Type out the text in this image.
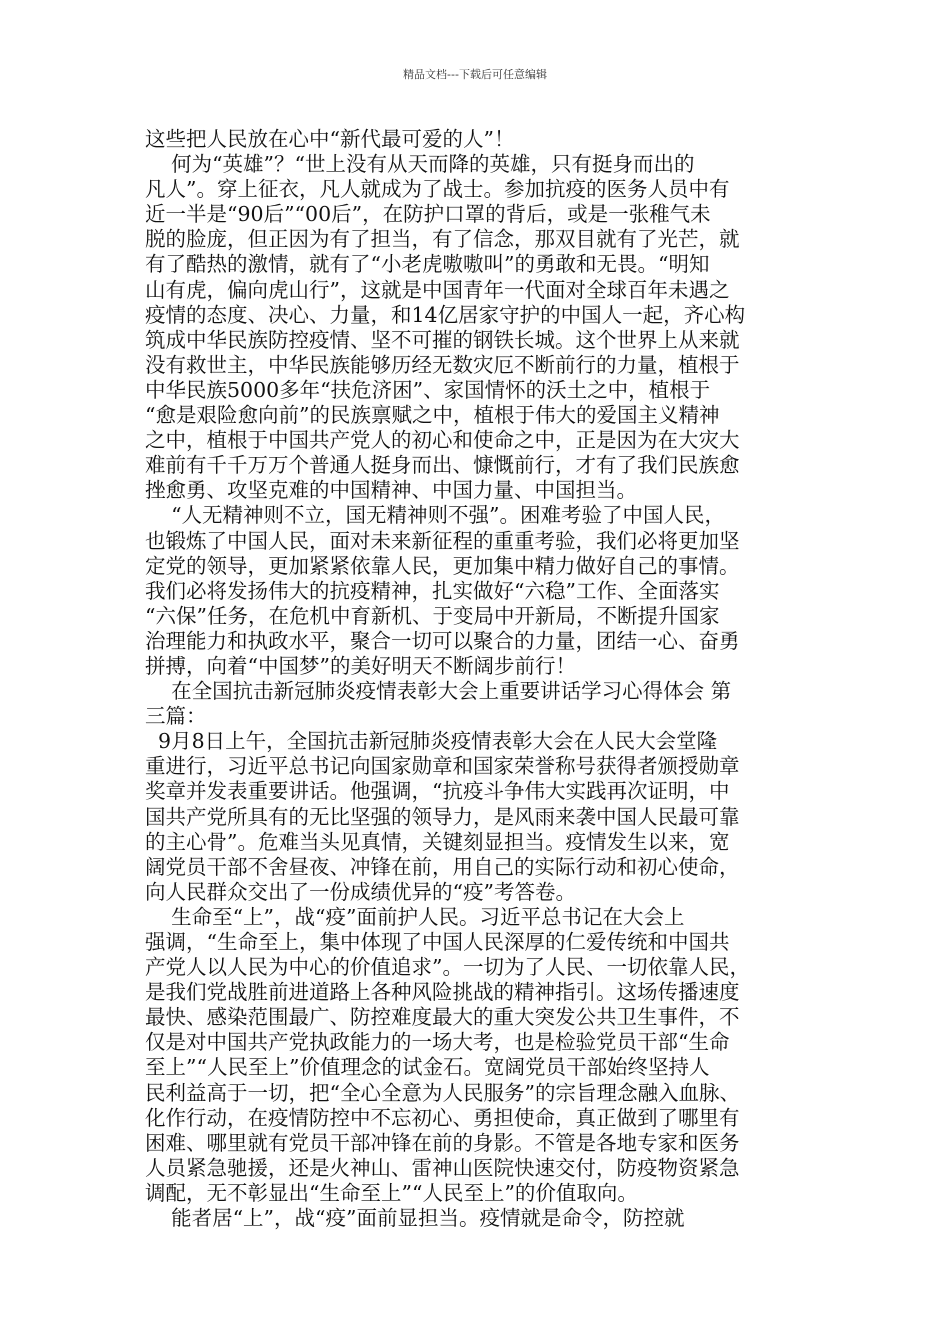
精品文档---下载后可任意编辑
这些把人民放在心中“新代最可爱的人”！
何为“英雄”？“世上没有从天而降的英雄，只有挺身而出的
凡人”。穿上征衣，凡人就成为了战士。参加抗疫的医务人员中有
近一半是“90后”“00后”，在防护口罩的背后，或是一张稚气未
脱的脸庞，但正因为有了担当，有了信念，那双目就有了光芒，就
有了酷热的激情，就有了“小老虎嗷嗷叫”的勇敢和无畏。“明知
山有虎，偏向虎山行”，这就是中国青年一代面对全球百年未遇之
疫情的态度、决心、力量，和14亿居家守护的中国人一起，齐心构
筑成中华民族防控疫情、坚不可摧的钢铁长城。这个世界上从来就
没有救世主，中华民族能够历经无数灾厄不断前行的力量，植根于
中华民族5000多年“扶危济困”、家国情怀的沃土之中，植根于
“愈是艰险愈向前”的民族禀赋之中，植根于伟大的爱国主义精神
之中，植根于中国共产党人的初心和使命之中，正是因为在大灾大
难前有千千万万个普通人挺身而出、慷慨前行，才有了我们民族愈
挫愈勇、攻坚克难的中国精神、中国力量、中国担当。
“人无精神则不立，国无精神则不强”。困难考验了中国人民，
也锻炼了中国人民，面对未来新征程的重重考验，我们必将更加坚
定党的领导，更加紧紧依靠人民，更加集中精力做好自己的事情。
我们必将发扬伟大的抗疫精神，扎实做好“六稳”工作、全面落实
“六保”任务，在危机中育新机、于变局中开新局，不断提升国家
治理能力和执政水平，聚合一切可以聚合的力量，团结一心、奋勇
拼搏，向着“中国梦”的美好明天不断阔步前行！
在全国抗击新冠肺炎疫情表彰大会上重要讲话学习心得体会 第
三篇：
9月8日上午，全国抗击新冠肺炎疫情表彰大会在人民大会堂隆
重进行，习近平总书记向国家勋章和国家荣誉称号获得者颁授勋章
奖章并发表重要讲话。他强调，“抗疫斗争伟大实践再次证明，中
国共产党所具有的无比坚强的领导力，是风雨来袭中国人民最可靠
的主心骨”。危难当头见真情，关键刻显担当。疫情发生以来，宽
阔党员干部不舍昼夜、冲锋在前，用自己的实际行动和初心使命，
向人民群众交出了一份成绩优异的“疫”考答卷。
生命至“上”，战“疫”面前护人民。习近平总书记在大会上
强调，“生命至上，集中体现了中国人民深厚的仁爱传统和中国共
产党人以人民为中心的价值追求”。一切为了人民、一切依靠人民，
是我们党战胜前进道路上各种风险挑战的精神指引。这场传播速度
最快、感染范围最广、防控难度最大的重大突发公共卫生事件，不
仅是对中国共产党执政能力的一场大考，也是检验党员干部“生命
至上”“人民至上”价值理念的试金石。宽阔党员干部始终坚持人
民利益高于一切，把“全心全意为人民服务”的宗旨理念融入血脉、
化作行动，在疫情防控中不忘初心、勇担使命，真正做到了哪里有
困难、哪里就有党员干部冲锋在前的身影。不管是各地专家和医务
人员紧急驰援，还是火神山、雷神山医院快速交付，防疫物资紧急
调配，无不彰显出“生命至上”“人民至上”的价值取向。
能者居“上”，战“疫”面前显担当。疫情就是命令，防控就
